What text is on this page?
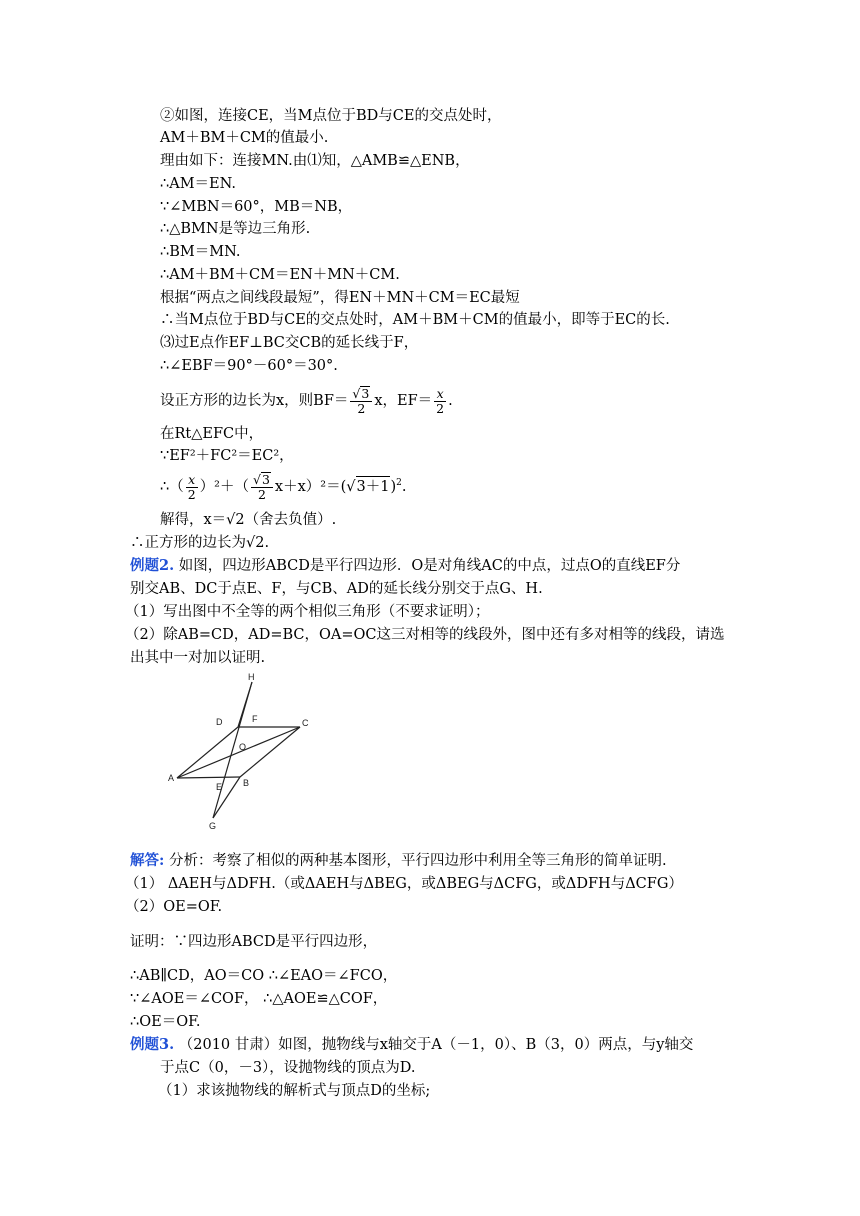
②如图，连接CE，当M点位于BD与CE的交点处时，
AM＋BM＋CM的值最小.
理由如下：连接MN.由⑴知，△AMB≌△ENB，
∴AM＝EN.
∵∠MBN＝60°，MB＝NB，
∴△BMN是等边三角形.
∴BM＝MN.
∴AM＋BM＋CM＝EN＋MN＋CM.
根据“两点之间线段最短”，得EN＋MN＋CM＝EC最短
∴当M点位于BD与CE的交点处时，AM＋BM＋CM的值最小，即等于EC的长.
⑶过E点作EF⊥BC交CB的延长线于F，
∴∠EBF＝90°－60°＝30°.
设正方形的边长为x，则$BF= \frac{√3}{2}$ x，$EF= \frac{x}{2}$ .
在Rt△EFC中，
∵EF²＋FC²＝EC²，
∴（ $\frac{x}{2} )^2+( \frac{√3}{2} x+x)^2=(√3+1)^2$.
解得，x＝√2（舍去负值）.
∴正方形的边长为√2.
例题2. 如图，四边形ABCD是平行四边形．O是对角线AC的中点，过点O的直线EF分
别交AB、DC于点E、F，与CB、AD的延长线分别交于点G、H.
（1）写出图中不全等的两个相似三角形（不要求证明）；
（2）除AB=CD，AD=BC，OA=OC这三对相等的线段外，图中还有多对相等的线段，请选
出其中一对加以证明.
H
D	F	C
O
A
E B
G
解答: 分析：考察了相似的两种基本图形，平行四边形中利用全等三角形的简单证明.
（1） ΔAEH与ΔDFH.（或ΔAEH与ΔBEG，或ΔBEG与ΔCFG，或ΔDFH与ΔCFG）
（2）OE=OF.
证明：∵四边形ABCD是平行四边形，
∴AB∥CD，AO＝CO ∴∠EAO＝∠FCO，
∵∠AOE＝∠COF， ∴△AOE≌△COF，
∴OE＝OF.
例题3. （2010 甘肃）如图，抛物线与x轴交于A（－1，0）、B（3，0）两点，与y轴交
于点C（0，－3），设抛物线的顶点为D.
（1）求该抛物线的解析式与顶点D的坐标;
